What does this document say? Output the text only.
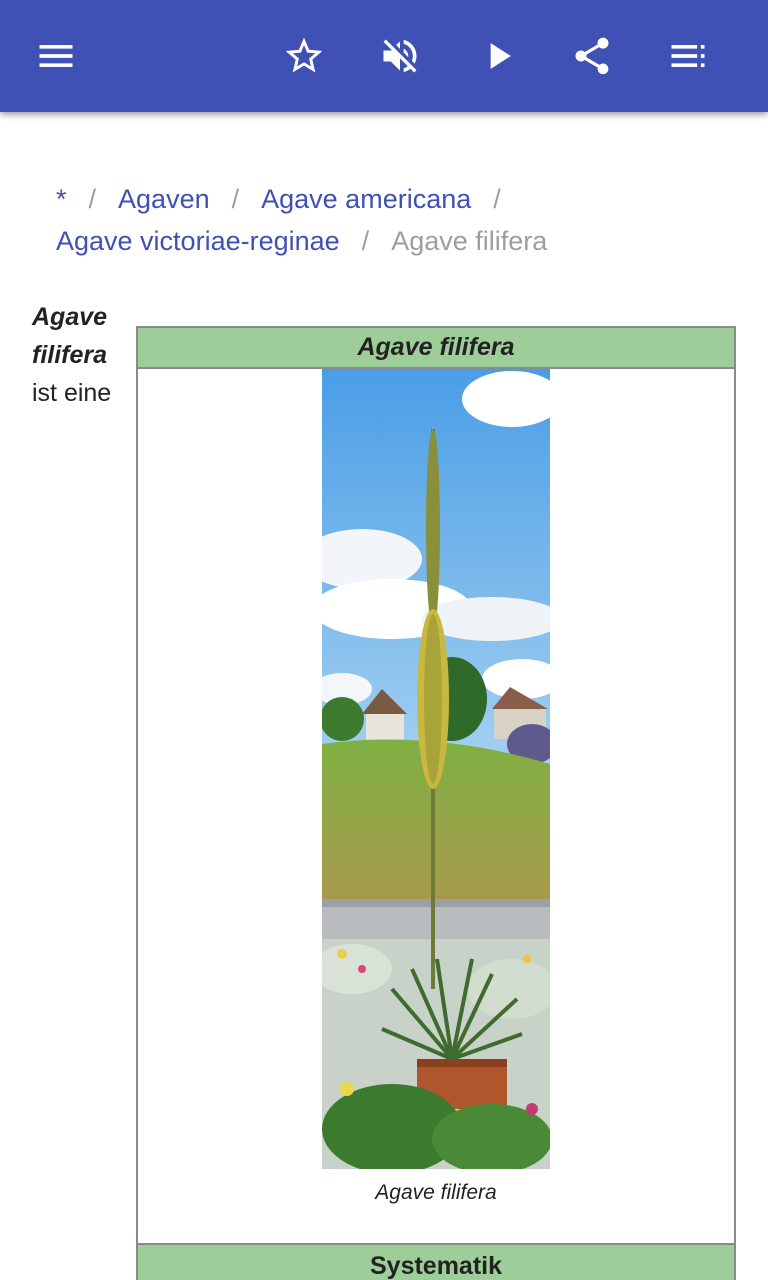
* / Agaven / Agave americana /
Agave victoriae-reginae / Agave filifera
Agave filifera ist eine
Agave filifera
Agave filifera
Systematik
